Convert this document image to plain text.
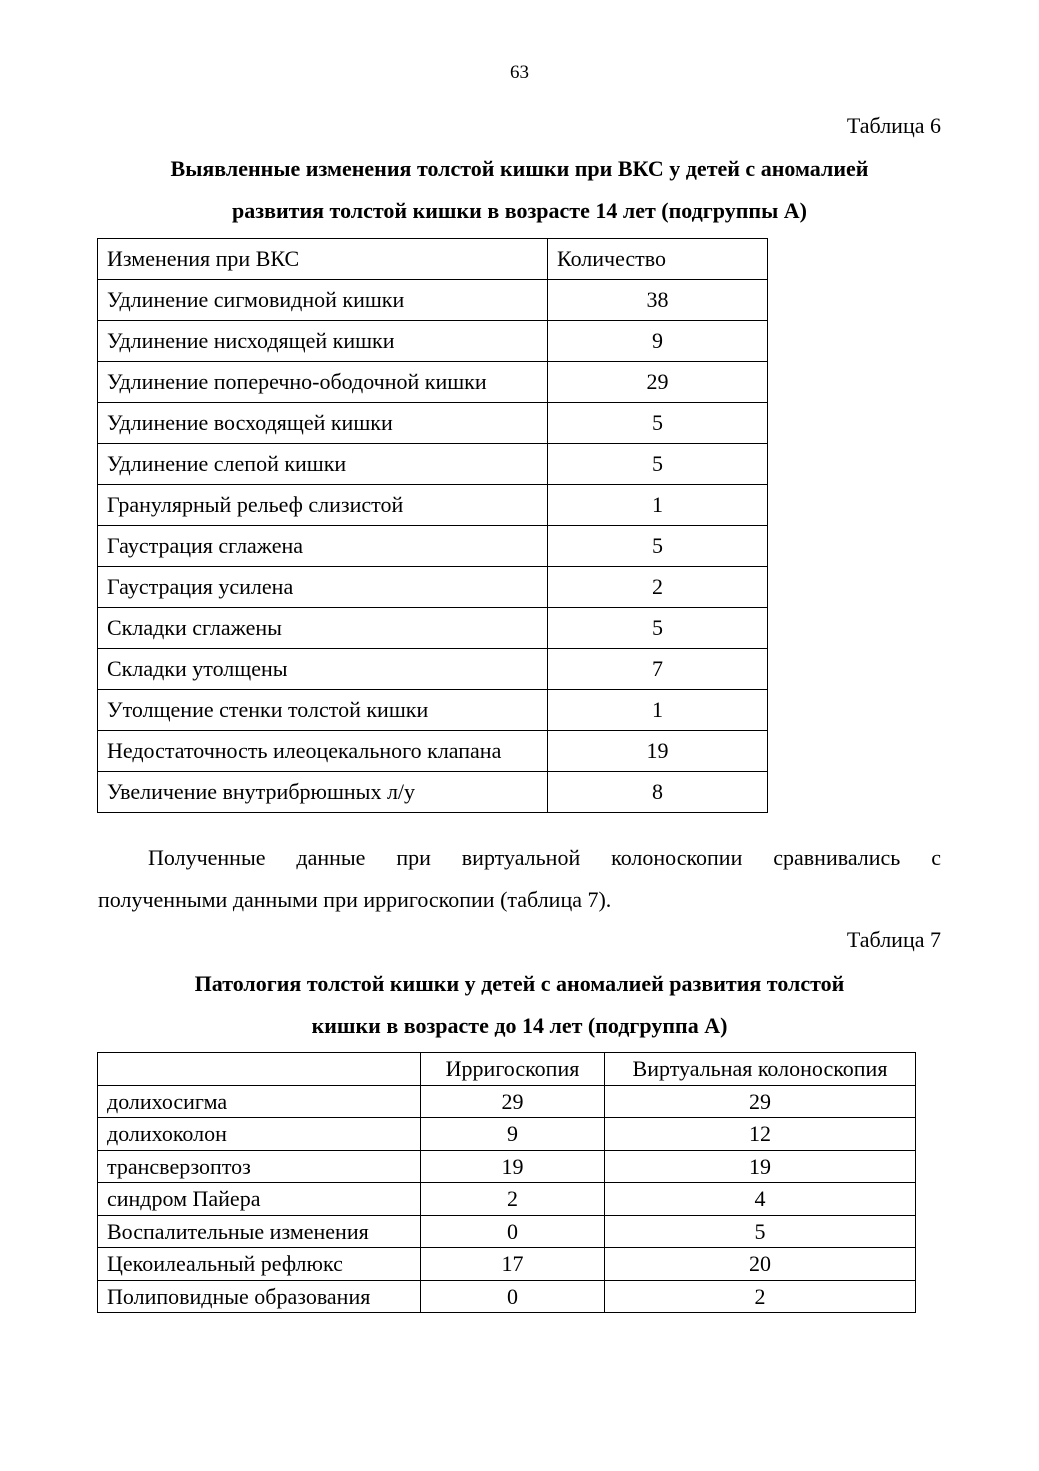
63
Таблица 6
Выявленные изменения толстой кишки при ВКС у детей с аномалией
развития толстой кишки в возрасте 14 лет (подгруппы А)
Изменения при ВКС	Количество
Удлинение сигмовидной кишки	38
Удлинение нисходящей кишки	9
Удлинение поперечно-ободочной кишки	29
Удлинение восходящей кишки	5
Удлинение слепой кишки	5
Гранулярный рельеф слизистой	1
Гаустрация сглажена	5
Гаустрация усилена	2
Складки сглажены	5
Складки утолщены	7
Утолщение стенки толстой кишки	1
Недостаточность илеоцекального клапана	19
Увеличение внутрибрюшных л/у	8
Полученные данные при виртуальной колоноскопии сравнивались с
полученными данными при ирригоскопии (таблица 7).
Таблица 7
Патология толстой кишки у детей с аномалией развития толстой
кишки в возрасте до 14 лет (подгруппа А)
	Ирригоскопия	Виртуальная колоноскопия
долихосигма	29	29
долихоколон	9	12
трансверзоптоз	19	19
синдром Пайера	2	4
Воспалительные изменения	0	5
Цекоилеальный рефлюкс	17	20
Полиповидные образования	0	2
